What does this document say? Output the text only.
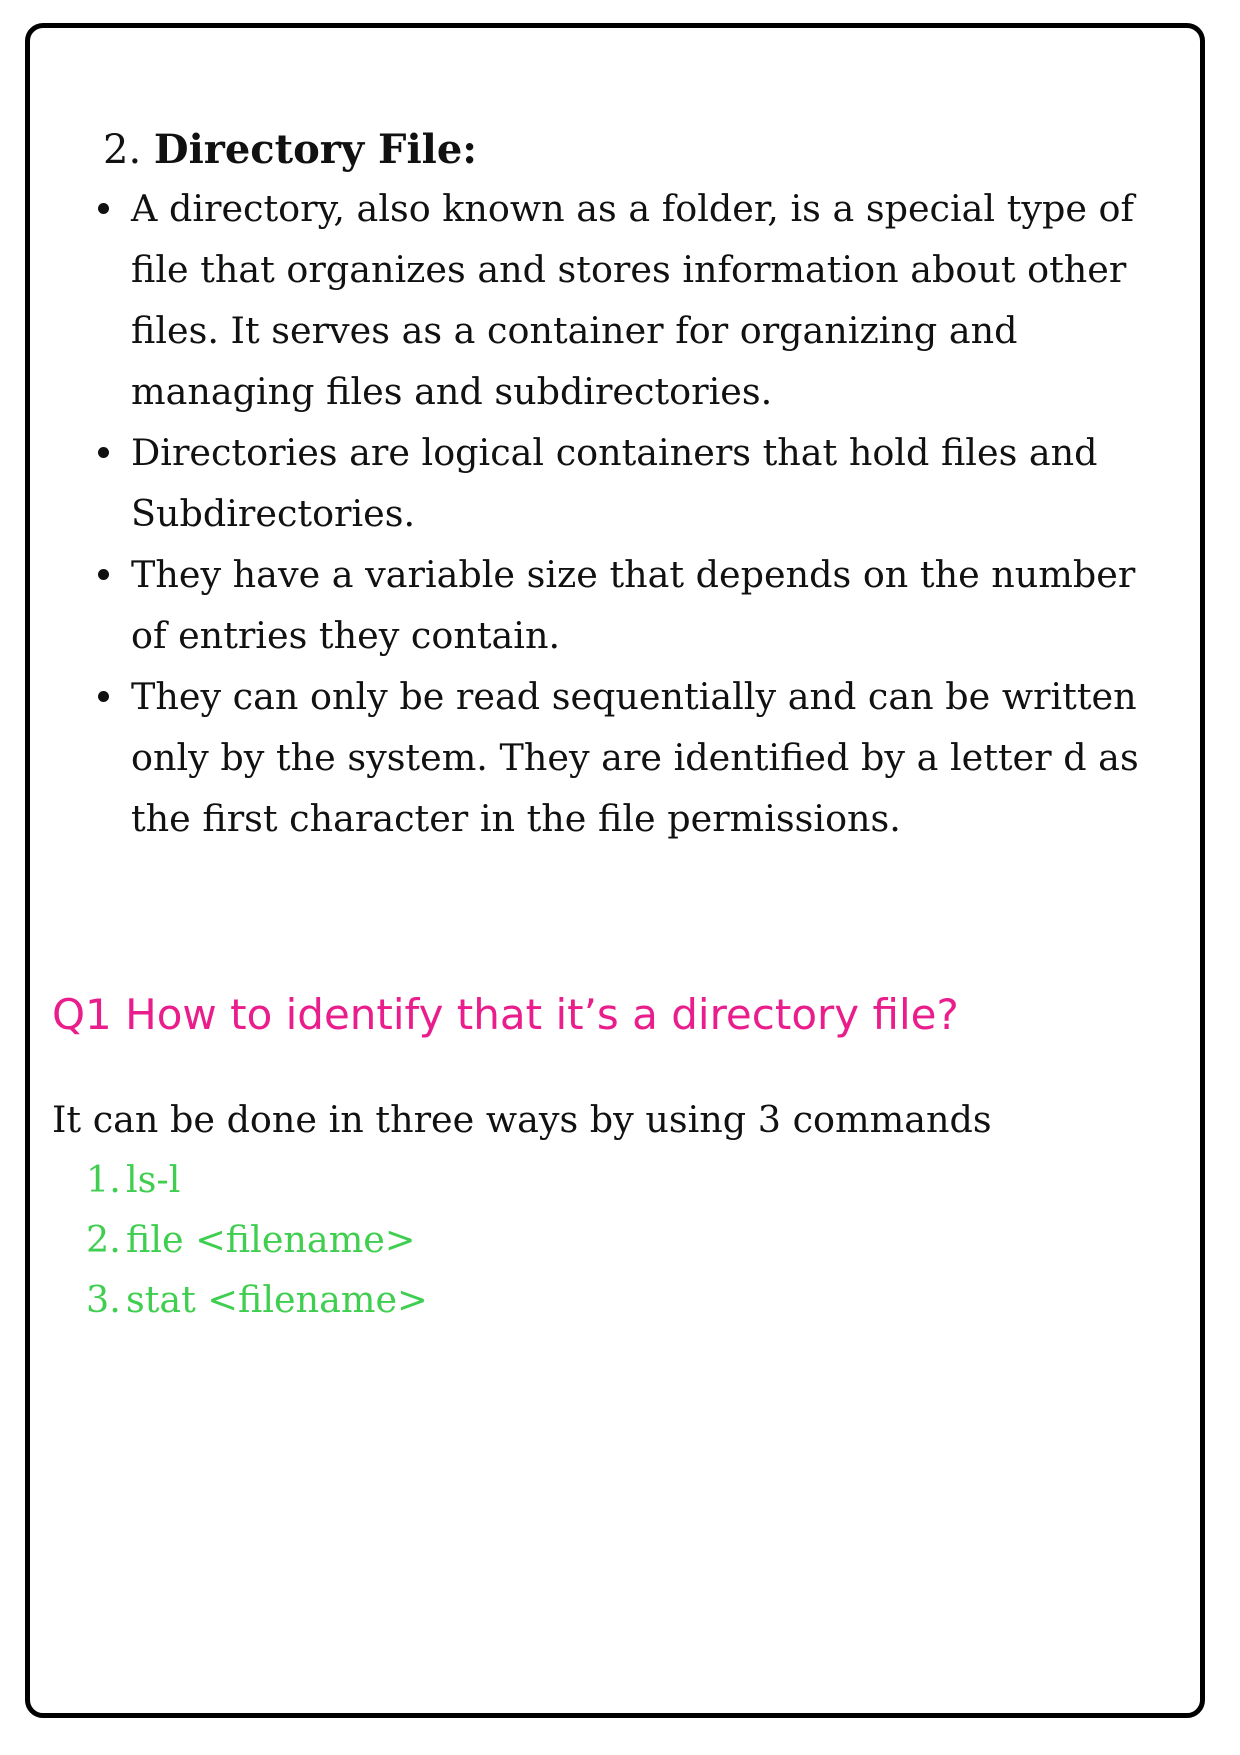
2. Directory File:
A directory, also known as a folder, is a special type of file that organizes and stores information about other files. It serves as a container for organizing and managing files and subdirectories.
Directories are logical containers that hold files and Subdirectories.
They have a variable size that depends on the number of entries they contain.
They can only be read sequentially and can be written only by the system. They are identified by a letter d as the first character in the file permissions.
Q1 How to identify that it’s a directory file?
It can be done in three ways by using 3 commands
1. ls-l
2. file <filename>
3. stat <filename>
